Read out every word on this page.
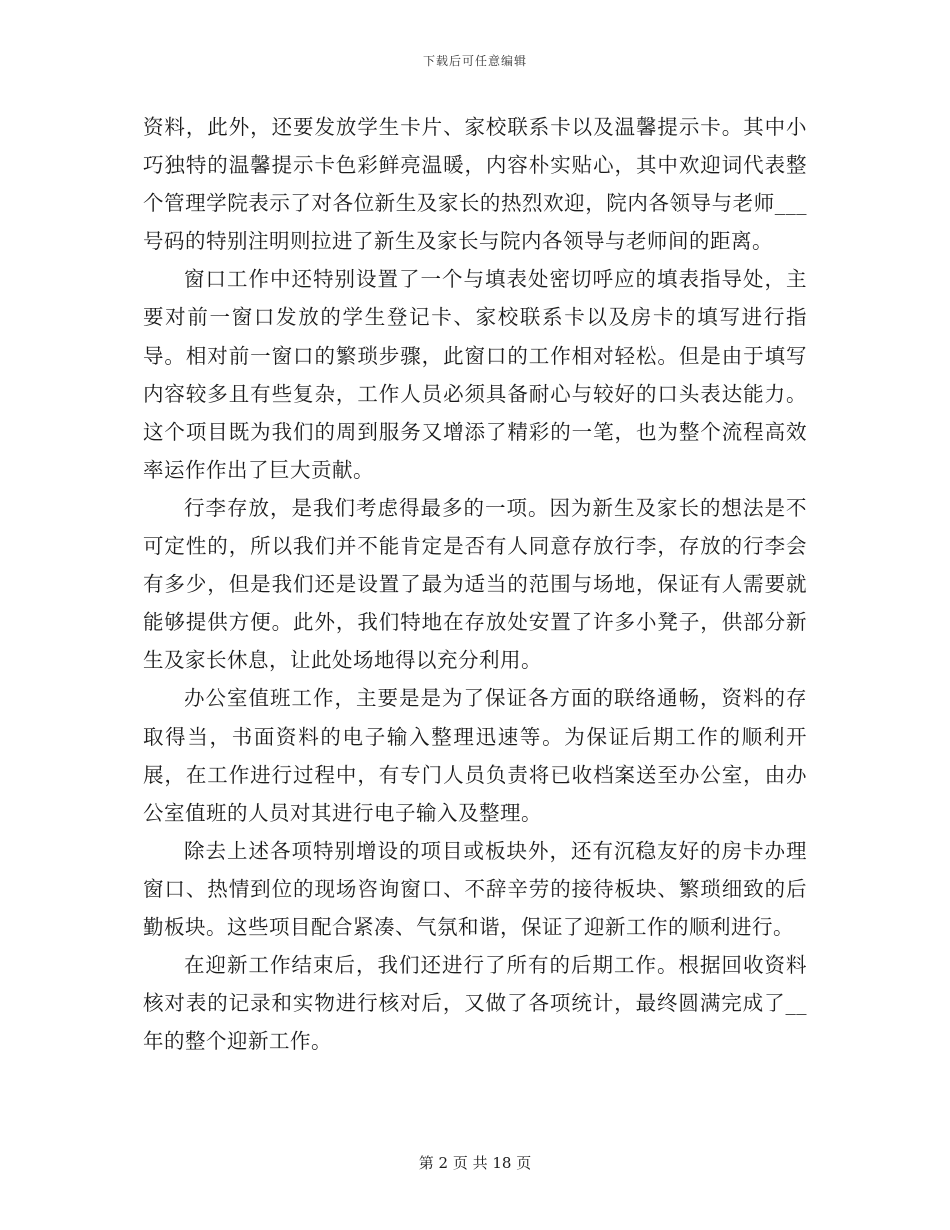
下载后可任意编辑

资料，此外，还要发放学生卡片、家校联系卡以及温馨提示卡。其中小巧独特的温馨提示卡色彩鲜亮温暖，内容朴实贴心，其中欢迎词代表整个管理学院表示了对各位新生及家长的热烈欢迎，院内各领导与老师___号码的特别注明则拉进了新生及家长与院内各领导与老师间的距离。

窗口工作中还特别设置了一个与填表处密切呼应的填表指导处，主要对前一窗口发放的学生登记卡、家校联系卡以及房卡的填写进行指导。相对前一窗口的繁琐步骤，此窗口的工作相对轻松。但是由于填写内容较多且有些复杂，工作人员必须具备耐心与较好的口头表达能力。这个项目既为我们的周到服务又增添了精彩的一笔，也为整个流程高效率运作作出了巨大贡献。

行李存放，是我们考虑得最多的一项。因为新生及家长的想法是不可定性的，所以我们并不能肯定是否有人同意存放行李，存放的行李会有多少，但是我们还是设置了最为适当的范围与场地，保证有人需要就能够提供方便。此外，我们特地在存放处安置了许多小凳子，供部分新生及家长休息，让此处场地得以充分利用。

办公室值班工作，主要是是为了保证各方面的联络通畅，资料的存取得当，书面资料的电子输入整理迅速等。为保证后期工作的顺利开展，在工作进行过程中，有专门人员负责将已收档案送至办公室，由办公室值班的人员对其进行电子输入及整理。

除去上述各项特别增设的项目或板块外，还有沉稳友好的房卡办理窗口、热情到位的现场咨询窗口、不辞辛劳的接待板块、繁琐细致的后勤板块。这些项目配合紧凑、气氛和谐，保证了迎新工作的顺利进行。

在迎新工作结束后，我们还进行了所有的后期工作。根据回收资料核对表的记录和实物进行核对后，又做了各项统计，最终圆满完成了__年的整个迎新工作。

第 2 页 共 18 页
